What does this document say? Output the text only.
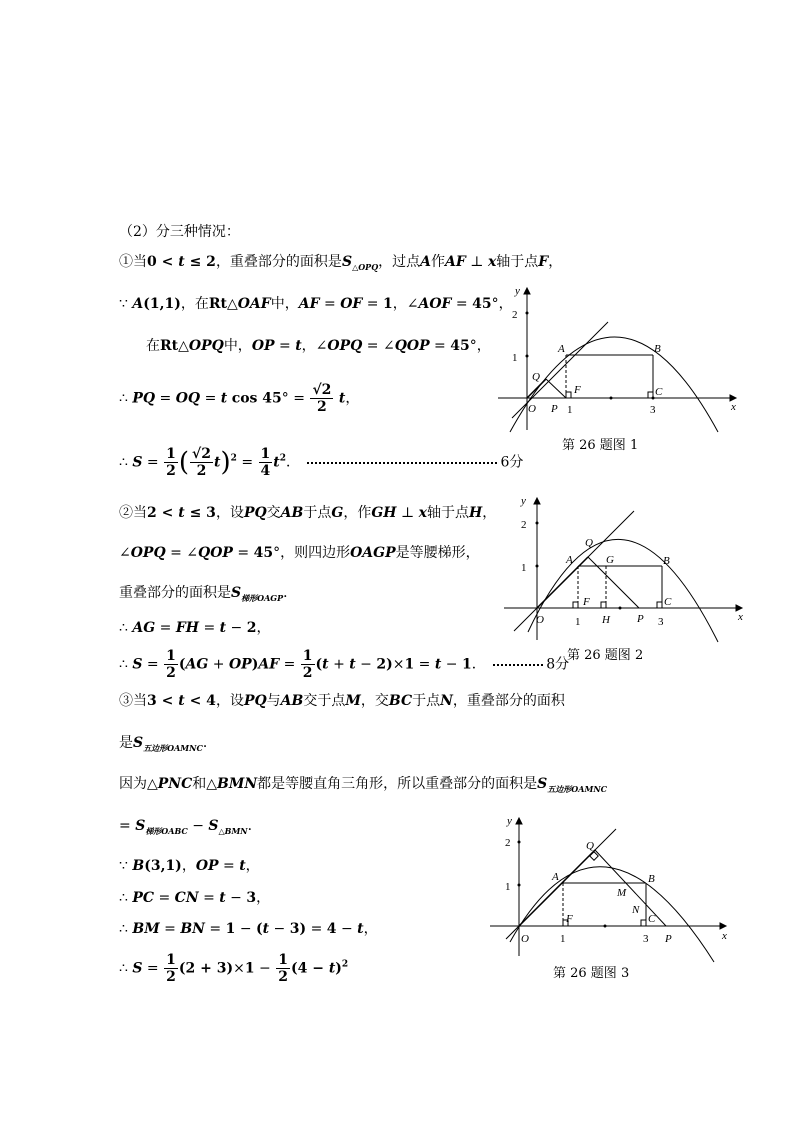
（2）分三种情况：
①当0 < t ≤ 2，重叠部分的面积是$S_{\triangle OPQ}$，过点A作AF ⊥ x轴于点F，
∵ A(1,1)，在Rt△OAF中，AF = OF = 1，∠AOF = 45°，
在Rt△OPQ中，OP = t，∠OPQ = ∠QOP = 45°，
∴ PQ = OQ = t $\cos 45^\circ = \frac{√2}{2}$ t，
∴ $S = \frac{1}{2}$ ( $\frac{√2}{2} t)^2 = \frac{1}{4} t^2$．	6分
②当2 < t ≤ 3，设PQ交AB于点G，作GH ⊥ x轴于点H，
∠OPQ = ∠QOP = 45°，则四边形OAGP是等腰梯形，
重叠部分的面积是$S_{梯形OAGP}$．
∴ AG = FH = t − 2，
∴ $S = \frac{1}{2} (AG + OP)AF = \frac{1}{2} (t + t - 2)\times 1 = t - 1$．	8分
③当3 < t < 4，设PQ与AB交于点M，交BC于点N，重叠部分的面积
是$S_{五边形OAMNC}$．
因为△PNC和△BMN都是等腰直角三角形，所以重叠部分的面积是$S_{五边形OAMNC}$
= $S_{梯形OABC} - S_{\triangle BMN}$．
∵ B(3,1)，OP = t，
∴ PC = CN = t − 3，
∴ BM = BN = 1 − (t − 3) = 4 − t，
∴ $S = \frac{1}{2} (2 + 3)\times 1 - \frac{1}{2} (4 - t)^2$
y
x
2
1
O P
Q
A	B
F	C
1	3
第 26 题图 1
y
x
2
1
O
Q
A	G	B
F
H P
C
1	3
第 26 题图 2
y
x
2
1
O
Q
A	B
M
N
C
P
F
1	3
第 26 题图 3
